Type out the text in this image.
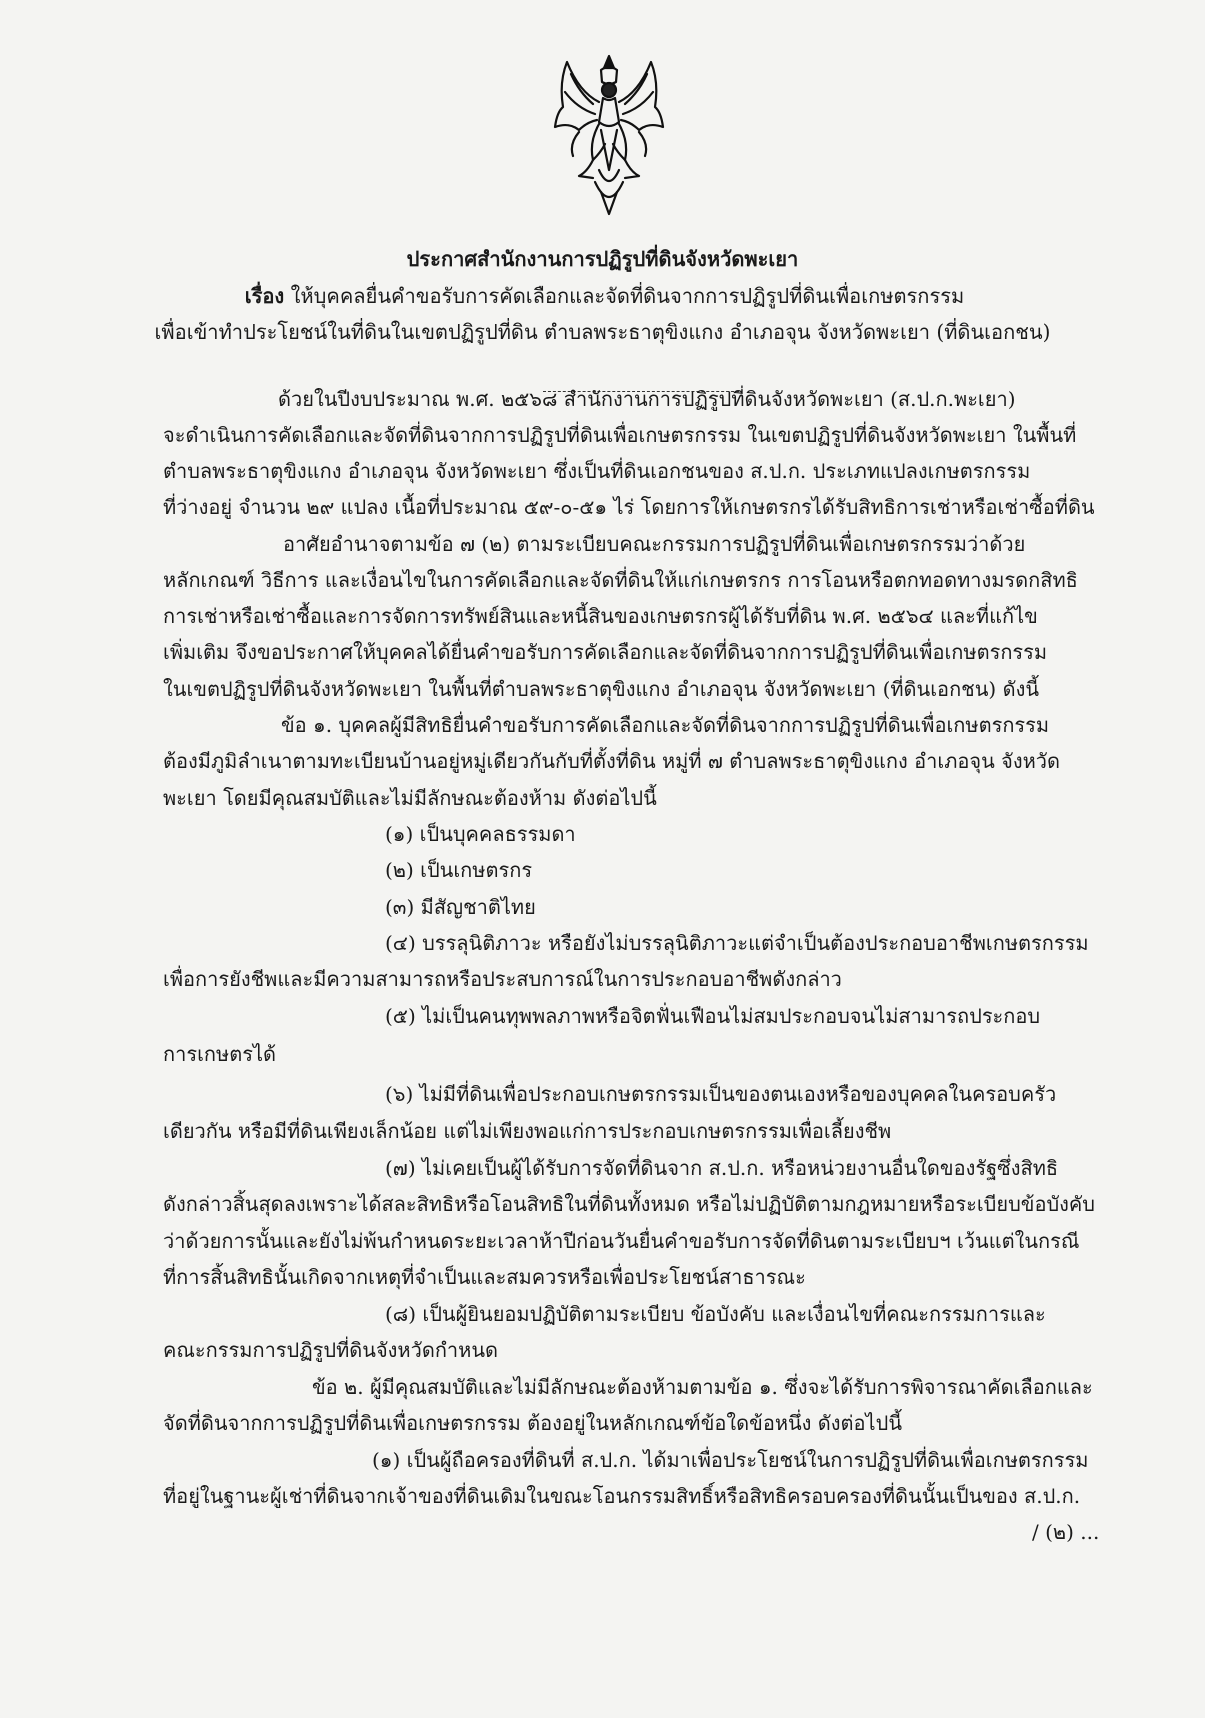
ประกาศสำนักงานการปฏิรูปที่ดินจังหวัดพะเยา
เรื่อง ให้บุคคลยื่นคำขอรับการคัดเลือกและจัดที่ดินจากการปฏิรูปที่ดินเพื่อเกษตรกรรม
เพื่อเข้าทำประโยชน์ในที่ดินในเขตปฏิรูปที่ดิน ตำบลพระธาตุขิงแกง อำเภอจุน จังหวัดพะเยา (ที่ดินเอกชน)
ด้วยในปีงบประมาณ พ.ศ. ๒๕๖๘ สำนักงานการปฏิรูปที่ดินจังหวัดพะเยา (ส.ป.ก.พะเยา)
จะดำเนินการคัดเลือกและจัดที่ดินจากการปฏิรูปที่ดินเพื่อเกษตรกรรม ในเขตปฏิรูปที่ดินจังหวัดพะเยา ในพื้นที่
ตำบลพระธาตุขิงแกง อำเภอจุน จังหวัดพะเยา ซึ่งเป็นที่ดินเอกชนของ ส.ป.ก. ประเภทแปลงเกษตรกรรม
ที่ว่างอยู่ จำนวน ๒๙ แปลง เนื้อที่ประมาณ ๕๙-๐-๕๑ ไร่ โดยการให้เกษตรกรได้รับสิทธิการเช่าหรือเช่าซื้อที่ดิน
อาศัยอำนาจตามข้อ ๗ (๒) ตามระเบียบคณะกรรมการปฏิรูปที่ดินเพื่อเกษตรกรรมว่าด้วย
หลักเกณฑ์ วิธีการ และเงื่อนไขในการคัดเลือกและจัดที่ดินให้แก่เกษตรกร การโอนหรือตกทอดทางมรดกสิทธิ
การเช่าหรือเช่าซื้อและการจัดการทรัพย์สินและหนี้สินของเกษตรกรผู้ได้รับที่ดิน พ.ศ. ๒๕๖๔ และที่แก้ไข
เพิ่มเติม จึงขอประกาศให้บุคคลได้ยื่นคำขอรับการคัดเลือกและจัดที่ดินจากการปฏิรูปที่ดินเพื่อเกษตรกรรม
ในเขตปฏิรูปที่ดินจังหวัดพะเยา ในพื้นที่ตำบลพระธาตุขิงแกง อำเภอจุน จังหวัดพะเยา (ที่ดินเอกชน) ดังนี้
ข้อ ๑. บุคคลผู้มีสิทธิยื่นคำขอรับการคัดเลือกและจัดที่ดินจากการปฏิรูปที่ดินเพื่อเกษตรกรรม
ต้องมีภูมิลำเนาตามทะเบียนบ้านอยู่หมู่เดียวกันกับที่ตั้งที่ดิน หมู่ที่ ๗ ตำบลพระธาตุขิงแกง อำเภอจุน จังหวัด
พะเยา โดยมีคุณสมบัติและไม่มีลักษณะต้องห้าม ดังต่อไปนี้
(๑) เป็นบุคคลธรรมดา
(๒) เป็นเกษตรกร
(๓) มีสัญชาติไทย
(๔) บรรลุนิติภาวะ หรือยังไม่บรรลุนิติภาวะแต่จำเป็นต้องประกอบอาชีพเกษตรกรรม
เพื่อการยังชีพและมีความสามารถหรือประสบการณ์ในการประกอบอาชีพดังกล่าว
(๕) ไม่เป็นคนทุพพลภาพหรือจิตฟั่นเฟือนไม่สมประกอบจนไม่สามารถประกอบ
การเกษตรได้
(๖) ไม่มีที่ดินเพื่อประกอบเกษตรกรรมเป็นของตนเองหรือของบุคคลในครอบครัว
เดียวกัน หรือมีที่ดินเพียงเล็กน้อย แต่ไม่เพียงพอแก่การประกอบเกษตรกรรมเพื่อเลี้ยงชีพ
(๗) ไม่เคยเป็นผู้ได้รับการจัดที่ดินจาก ส.ป.ก. หรือหน่วยงานอื่นใดของรัฐซึ่งสิทธิ
ดังกล่าวสิ้นสุดลงเพราะได้สละสิทธิหรือโอนสิทธิในที่ดินทั้งหมด หรือไม่ปฏิบัติตามกฎหมายหรือระเบียบข้อบังคับ
ว่าด้วยการนั้นและยังไม่พ้นกำหนดระยะเวลาห้าปีก่อนวันยื่นคำขอรับการจัดที่ดินตามระเบียบฯ เว้นแต่ในกรณี
ที่การสิ้นสิทธินั้นเกิดจากเหตุที่จำเป็นและสมควรหรือเพื่อประโยชน์สาธารณะ
(๘) เป็นผู้ยินยอมปฏิบัติตามระเบียบ ข้อบังคับ และเงื่อนไขที่คณะกรรมการและ
คณะกรรมการปฏิรูปที่ดินจังหวัดกำหนด
ข้อ ๒. ผู้มีคุณสมบัติและไม่มีลักษณะต้องห้ามตามข้อ ๑. ซึ่งจะได้รับการพิจารณาคัดเลือกและ
จัดที่ดินจากการปฏิรูปที่ดินเพื่อเกษตรกรรม ต้องอยู่ในหลักเกณฑ์ข้อใดข้อหนึ่ง ดังต่อไปนี้
(๑) เป็นผู้ถือครองที่ดินที่ ส.ป.ก. ได้มาเพื่อประโยชน์ในการปฏิรูปที่ดินเพื่อเกษตรกรรม
ที่อยู่ในฐานะผู้เช่าที่ดินจากเจ้าของที่ดินเดิมในขณะโอนกรรมสิทธิ์หรือสิทธิครอบครองที่ดินนั้นเป็นของ ส.ป.ก.
/ (๒) ...
